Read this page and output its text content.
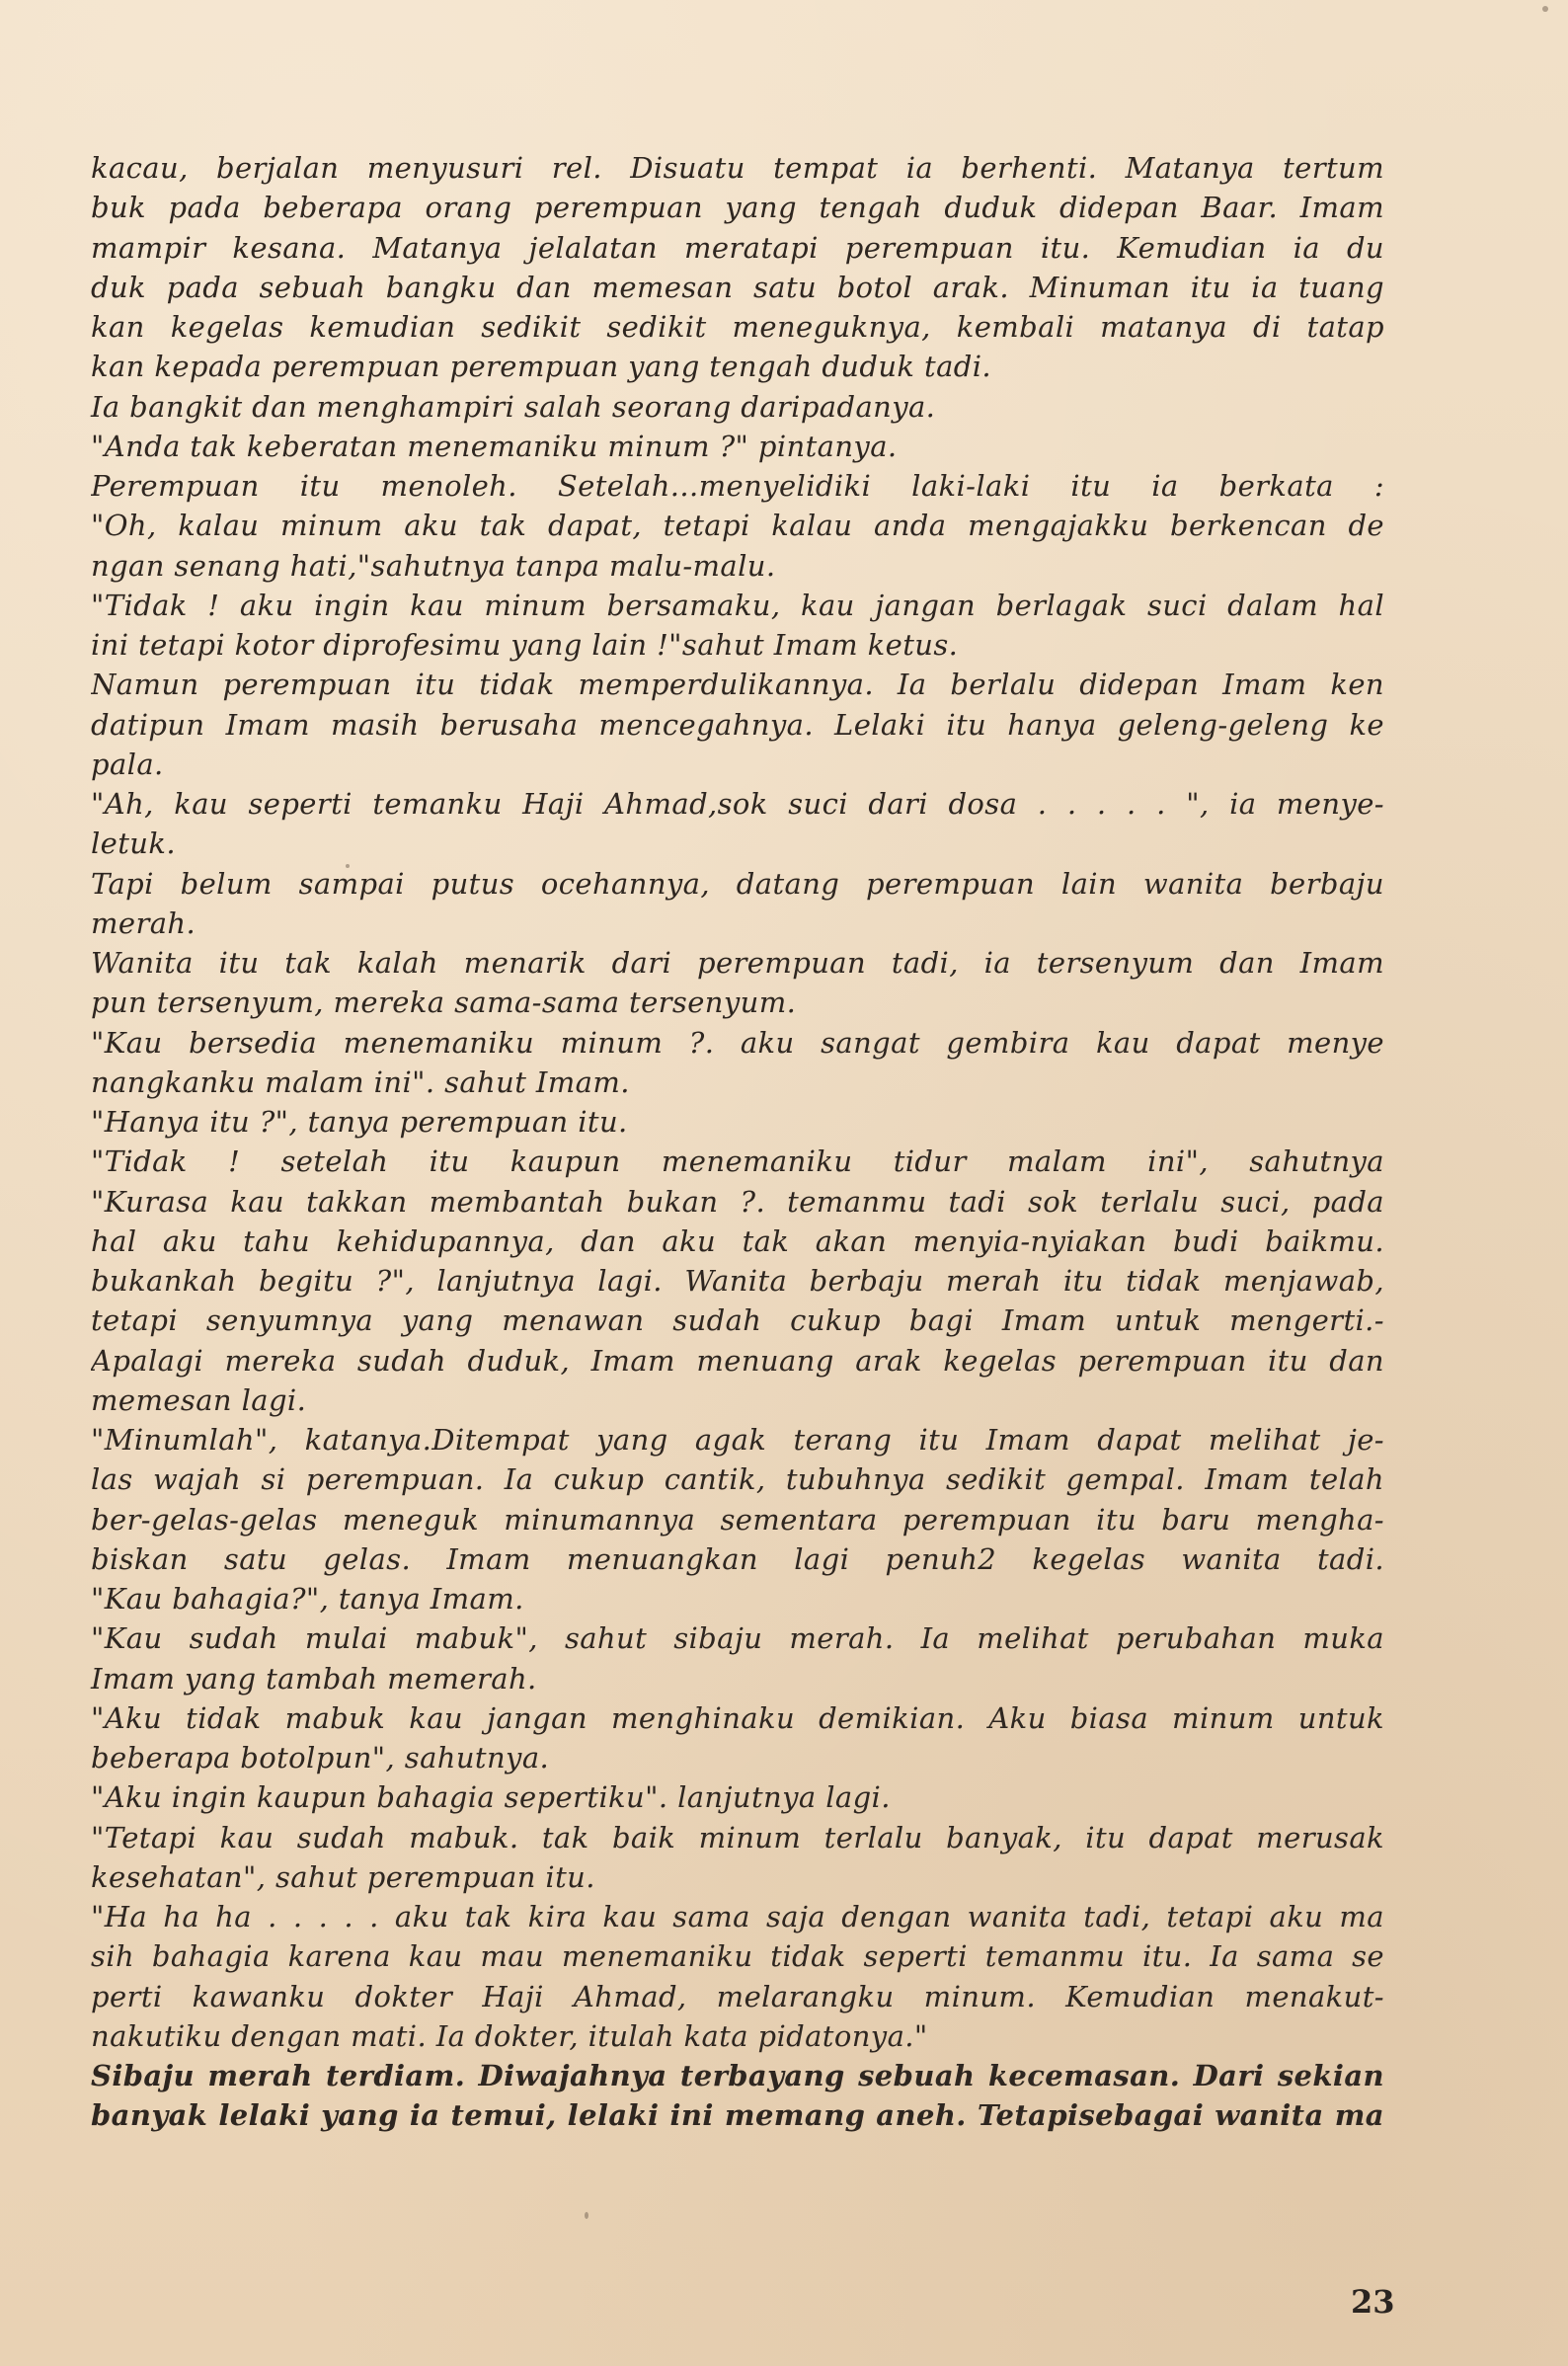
kacau, berjalan menyusuri rel. Disuatu tempat ia berhenti. Matanya tertum
buk pada beberapa orang perempuan yang tengah duduk didepan Baar. Imam
mampir kesana. Matanya jelalatan meratapi perempuan itu. Kemudian ia du
duk pada sebuah bangku dan memesan satu botol arak. Minuman itu ia tuang
kan kegelas kemudian sedikit sedikit meneguknya, kembali matanya di tatap
kan kepada perempuan perempuan yang tengah duduk tadi.
Ia bangkit dan menghampiri salah seorang daripadanya.
"Anda tak keberatan menemaniku minum ?" pintanya.
Perempuan itu menoleh. Setelah...menyelidiki laki-laki itu ia berkata :
"Oh, kalau minum aku tak dapat, tetapi kalau anda mengajakku berkencan de
ngan senang hati,"sahutnya tanpa malu-malu.
"Tidak ! aku ingin kau minum bersamaku, kau jangan berlagak suci dalam hal
ini tetapi kotor diprofesimu yang lain !"sahut Imam ketus.
Namun perempuan itu tidak memperdulikannya. Ia berlalu didepan Imam ken
datipun Imam masih berusaha mencegahnya. Lelaki itu hanya geleng-geleng ke
pala.
"Ah, kau seperti temanku Haji Ahmad,sok suci dari dosa . . . . . ", ia menye-
letuk.
Tapi belum sampai putus ocehannya, datang perempuan lain wanita berbaju
merah.
Wanita itu tak kalah menarik dari perempuan tadi, ia tersenyum dan Imam
pun tersenyum, mereka sama-sama tersenyum.
"Kau bersedia menemaniku minum ?. aku sangat gembira kau dapat menye
nangkanku malam ini". sahut Imam.
"Hanya itu ?", tanya perempuan itu.
"Tidak ! setelah itu kaupun menemaniku tidur malam ini", sahutnya
"Kurasa kau takkan membantah bukan ?. temanmu tadi sok terlalu suci, pada
hal aku tahu kehidupannya, dan aku tak akan menyia-nyiakan budi baikmu.
bukankah begitu ?", lanjutnya lagi. Wanita berbaju merah itu tidak menjawab,
tetapi senyumnya yang menawan sudah cukup bagi Imam untuk mengerti.-
Apalagi mereka sudah duduk, Imam menuang arak kegelas perempuan itu dan
memesan lagi.
"Minumlah", katanya.Ditempat yang agak terang itu Imam dapat melihat je-
las wajah si perempuan. Ia cukup cantik, tubuhnya sedikit gempal. Imam telah
ber-gelas-gelas meneguk minumannya sementara perempuan itu baru mengha-
biskan satu gelas. Imam menuangkan lagi penuh2 kegelas wanita tadi.
"Kau bahagia?", tanya Imam.
"Kau sudah mulai mabuk", sahut sibaju merah. Ia melihat perubahan muka
Imam yang tambah memerah.
"Aku tidak mabuk kau jangan menghinaku demikian. Aku biasa minum untuk
beberapa botolpun", sahutnya.
"Aku ingin kaupun bahagia sepertiku". lanjutnya lagi.
"Tetapi kau sudah mabuk. tak baik minum terlalu banyak, itu dapat merusak
kesehatan", sahut perempuan itu.
"Ha ha ha . . . . . aku tak kira kau sama saja dengan wanita tadi, tetapi aku ma
sih bahagia karena kau mau menemaniku tidak seperti temanmu itu. Ia sama se
perti kawanku dokter Haji Ahmad, melarangku minum. Kemudian menakut-
nakutiku dengan mati. Ia dokter, itulah kata pidatonya."
Sibaju merah terdiam. Diwajahnya terbayang sebuah kecemasan. Dari sekian
banyak lelaki yang ia temui, lelaki ini memang aneh. Tetapisebagai wanita ma
23
